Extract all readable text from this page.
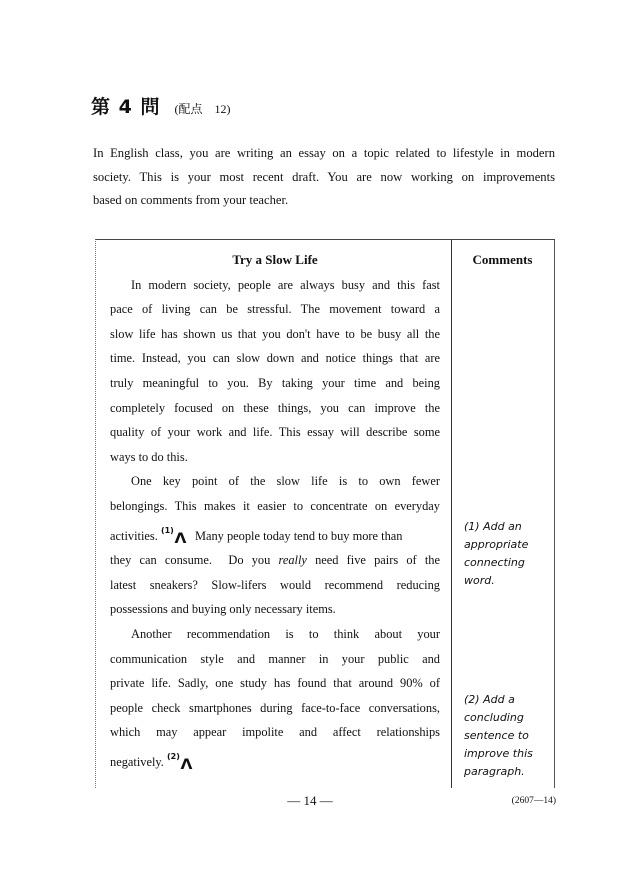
第 4 問 (配点　12)
In English class, you are writing an essay on a topic related to lifestyle in modern
society. This is your most recent draft. You are now working on improvements
based on comments from your teacher.
Try a Slow Life
In modern society, people are always busy and this fast
pace of living can be stressful. The movement toward a
slow life has shown us that you don't have to be busy all the
time. Instead, you can slow down and notice things that are
truly meaningful to you. By taking your time and being
completely focused on these things, you can improve the
quality of your work and life. This essay will describe some
ways to do this.
One key point of the slow life is to own fewer
belongings. This makes it easier to concentrate on everyday
activities. $^{(1)}$Λ Many people today tend to buy more than
they can consume.  Do you really need five pairs of the
latest sneakers? Slow-lifers would recommend reducing
possessions and buying only necessary items.
Another recommendation is to think about your
communication style and manner in your public and
private life. Sadly, one study has found that around 90% of
people check smartphones during face-to-face conversations,
which may appear impolite and affect relationships
negatively. $^{(2)}$Λ
Comments
(1) Add an
appropriate
connecting
word.
(2) Add a
concluding
sentence to
improve this
paragraph.
— 14 —	(2607—14)
